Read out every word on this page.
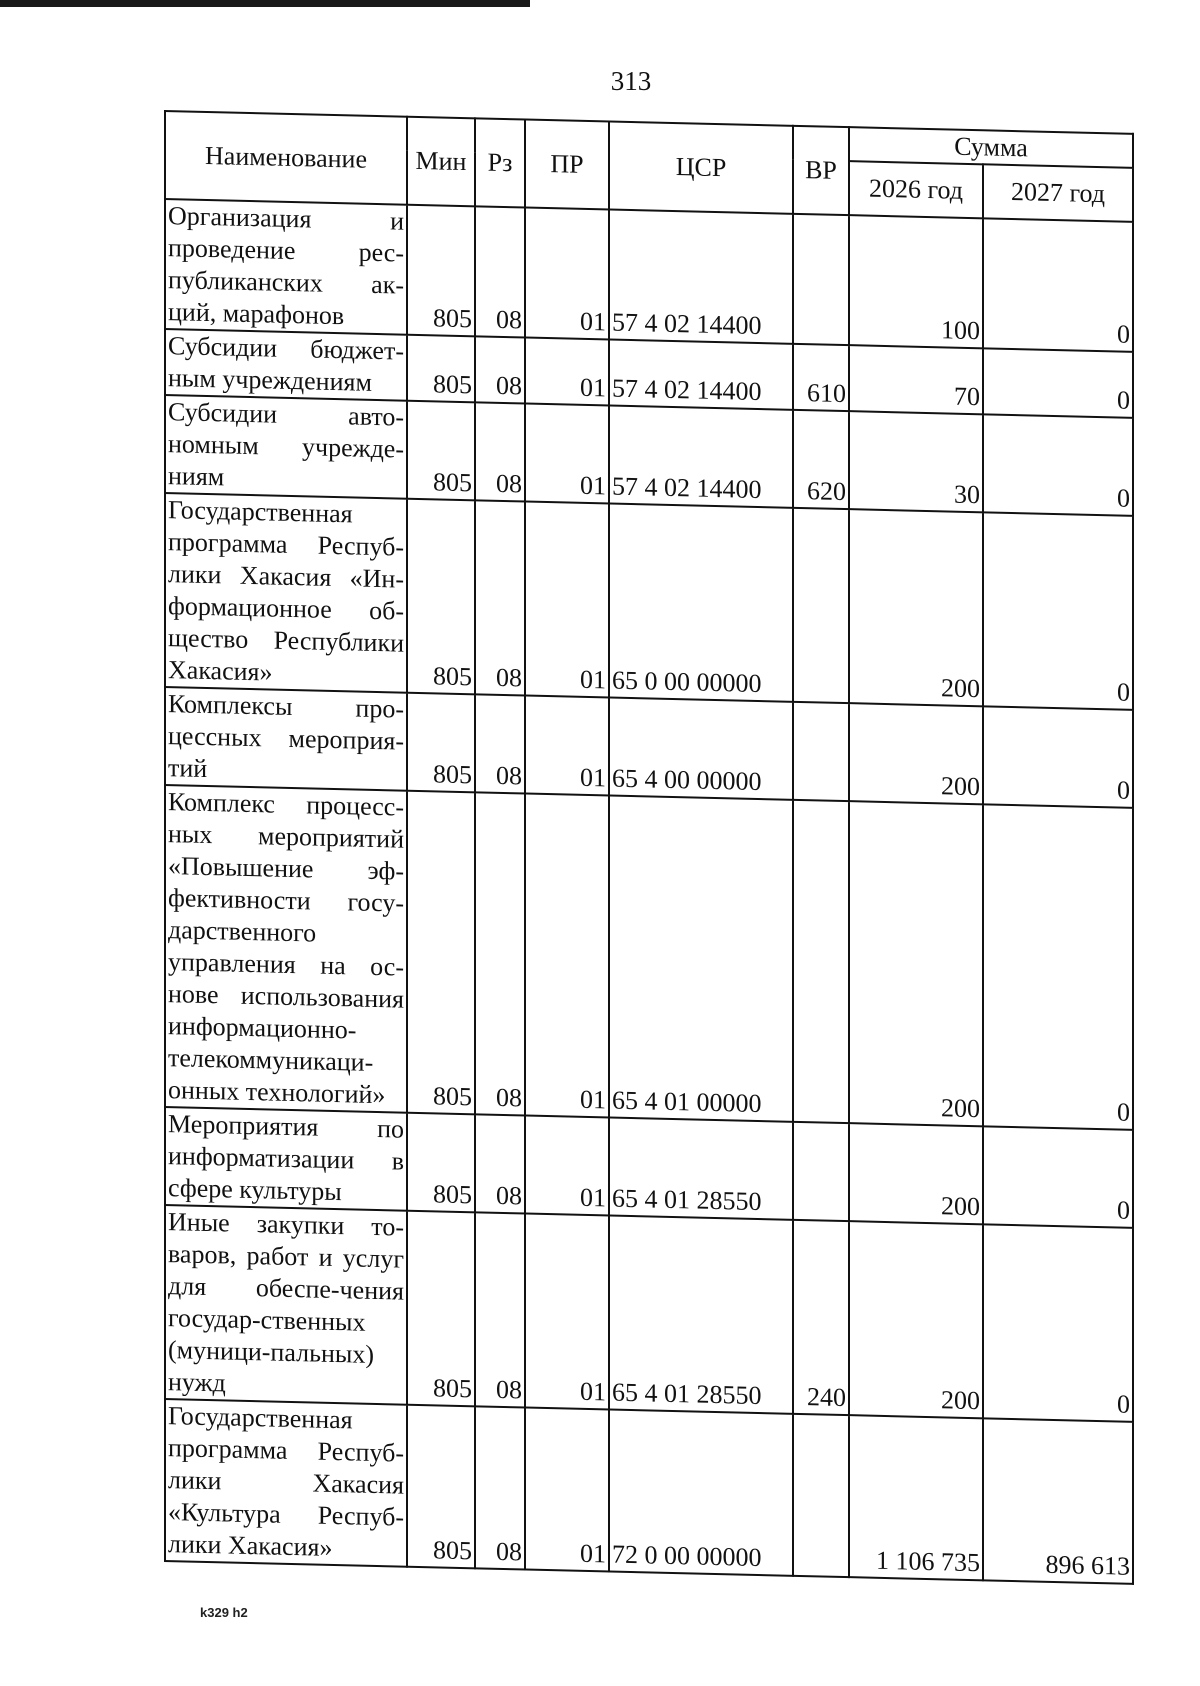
313
Наименование	Мин	Рз	ПР	ЦСР	ВР	Сумма	
						2026 год	2027 год
Организация и проведение рес-публиканских ак-ций, марафонов	805	08	01	57 4 02 14400		100	0
Субсидии бюджет-ным учреждениям	805	08	01	57 4 02 14400	610	70	0
Субсидии авто-номным учрежде-ниям	805	08	01	57 4 02 14400	620	30	0
Государственная программа Респуб-лики Хакасия «Ин-формационное об-щество Республики Хакасия»	805	08	01	65 0 00 00000		200	0
Комплексы про-цессных мероприя-тий	805	08	01	65 4 00 00000		200	0
Комплекс процесс-ных мероприятий «Повышение эф-фективности госу-дарственного управления на ос-нове использования информационно-телекоммуникаци-онных технологий»	805	08	01	65 4 01 00000		200	0
Мероприятия по информатизации в сфере культуры	805	08	01	65 4 01 28550		200	0
Иные закупки то-варов, работ и услуг для обеспе-чения государ-ственных (муници-пальных) нужд	805	08	01	65 4 01 28550	240	200	0
Государственная программа Респуб-лики Хакасия «Культура Респуб-лики Хакасия»	805	08	01	72 0 00 00000		1 106 735	896 613
k329 h2
